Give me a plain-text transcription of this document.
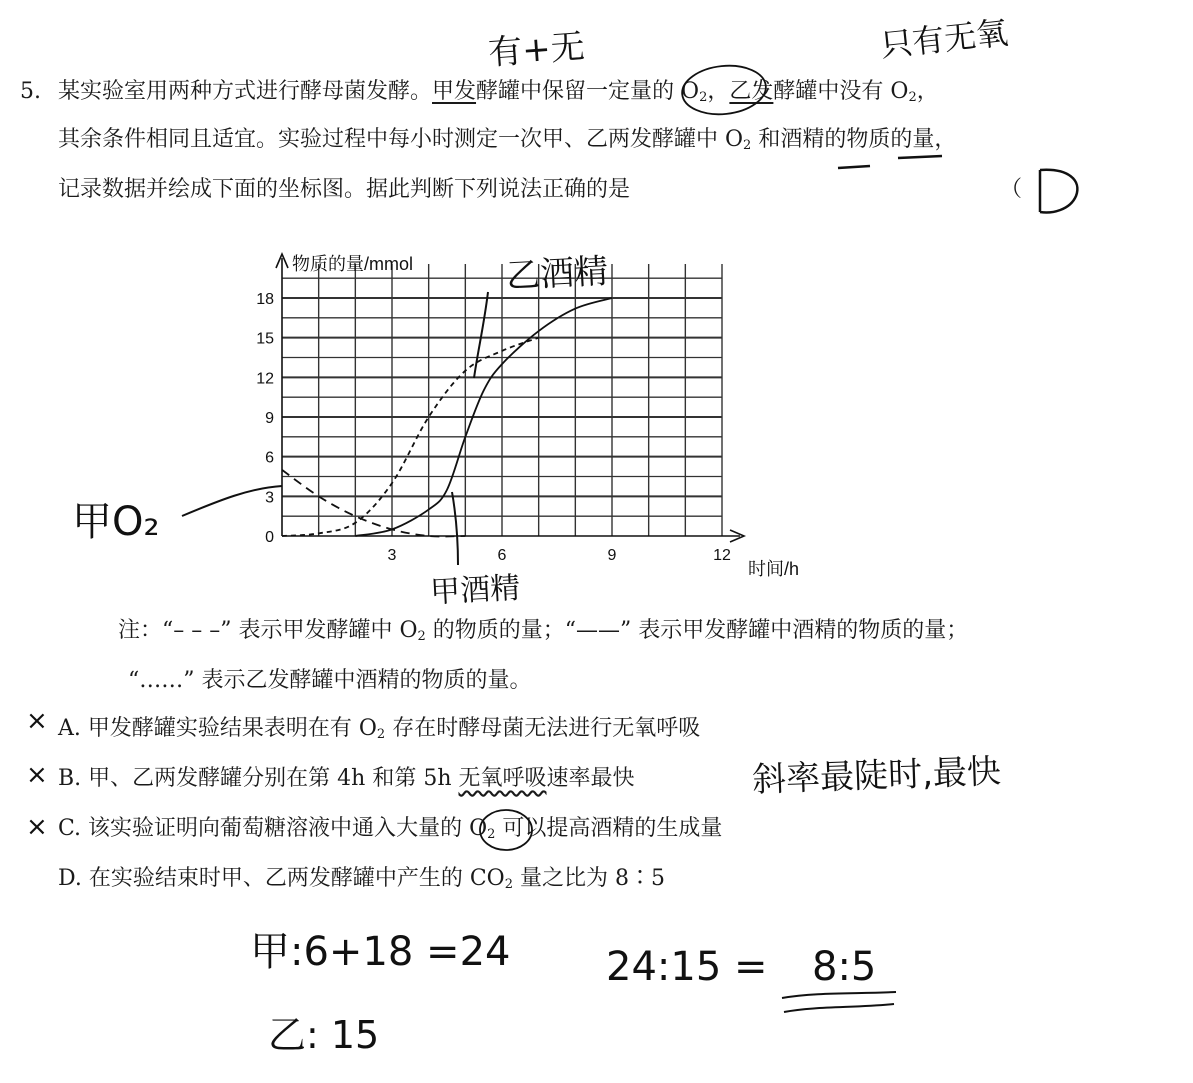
5. 某实验室用两种方式进行酵母菌发酵。甲发酵罐中保留一定量的 $O_2$，乙发酵罐中没有 $O_2$，
其余条件相同且适宜。实验过程中每小时测定一次甲、乙两发酵罐中 $O_2$ 和酒精的物质的量，
记录数据并绘成下面的坐标图。据此判断下列说法正确的是	（
有+无	只有无氧
0
3
6
9
12
15
18
3	6	9	12
物质的量/mmol
时间/h
乙酒精
甲O₂
甲酒精
注：“– – –” 表示甲发酵罐中 $O_2$ 的物质的量；“——” 表示甲发酵罐中酒精的物质的量；
“……” 表示乙发酵罐中酒精的物质的量。
× A. 甲发酵罐实验结果表明在有 $O_2$ 存在时酵母菌无法进行无氧呼吸
× B. 甲、乙两发酵罐分别在第 4h 和第 5h 无氧呼吸速率最快	斜率最陡时,最快
× C. 该实验证明向葡萄糖溶液中通入大量的 $O_2$ 可以提高酒精的生成量
D. 在实验结束时甲、乙两发酵罐中产生的 $CO_2$ 量之比为 8∶5
甲:6+18 =24
乙: 15
24:15 = 8:5
